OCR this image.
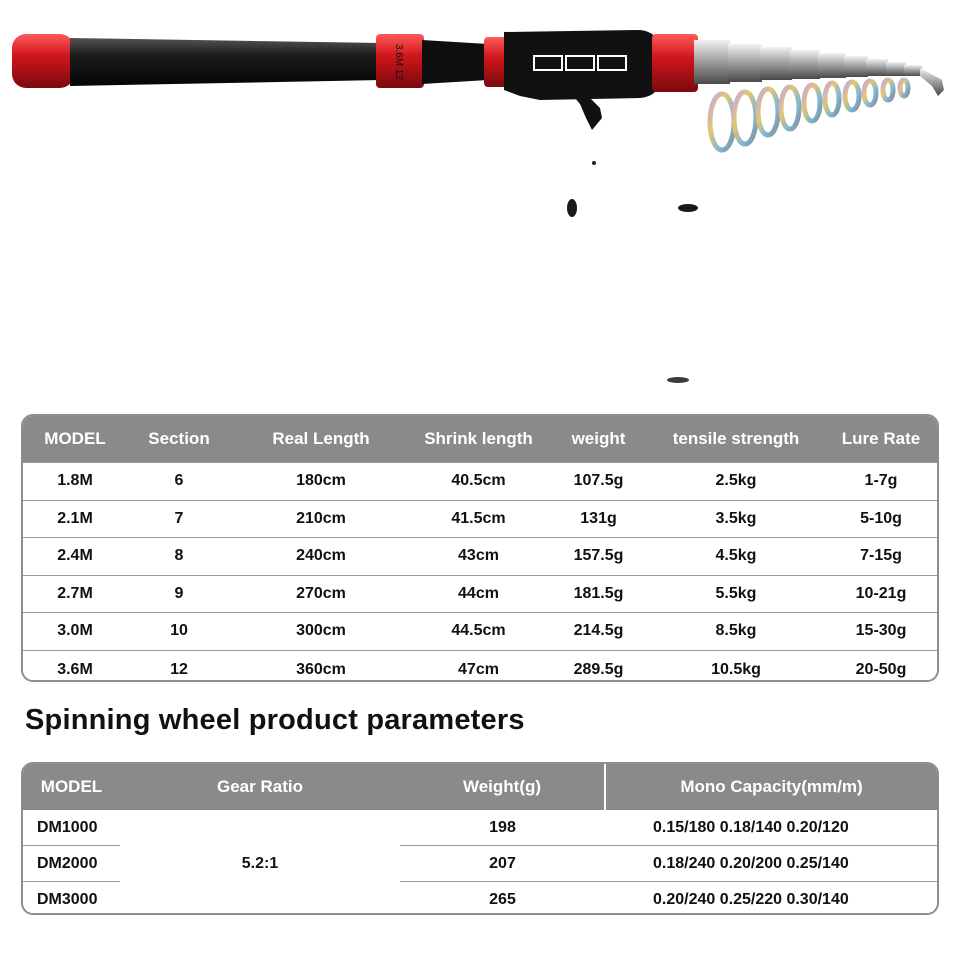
3.6M 12
MODEL	Section	Real Length	Shrink length	weight	tensile strength	Lure Rate
1.8M	6	180cm	40.5cm	107.5g	2.5kg	1-7g
2.1M	7	210cm	41.5cm	131g	3.5kg	5-10g
2.4M	8	240cm	43cm	157.5g	4.5kg	7-15g
2.7M	9	270cm	44cm	181.5g	5.5kg	10-21g
3.0M	10	300cm	44.5cm	214.5g	8.5kg	15-30g
3.6M	12	360cm	47cm	289.5g	10.5kg	20-50g
Spinning wheel product parameters
MODEL	Gear Ratio	Weight(g)	Mono Capacity(mm/m)
DM1000	5.2:1	198	0.15/180 0.18/140 0.20/120
DM2000		207	0.18/240 0.20/200 0.25/140
DM3000		265	0.20/240 0.25/220 0.30/140
